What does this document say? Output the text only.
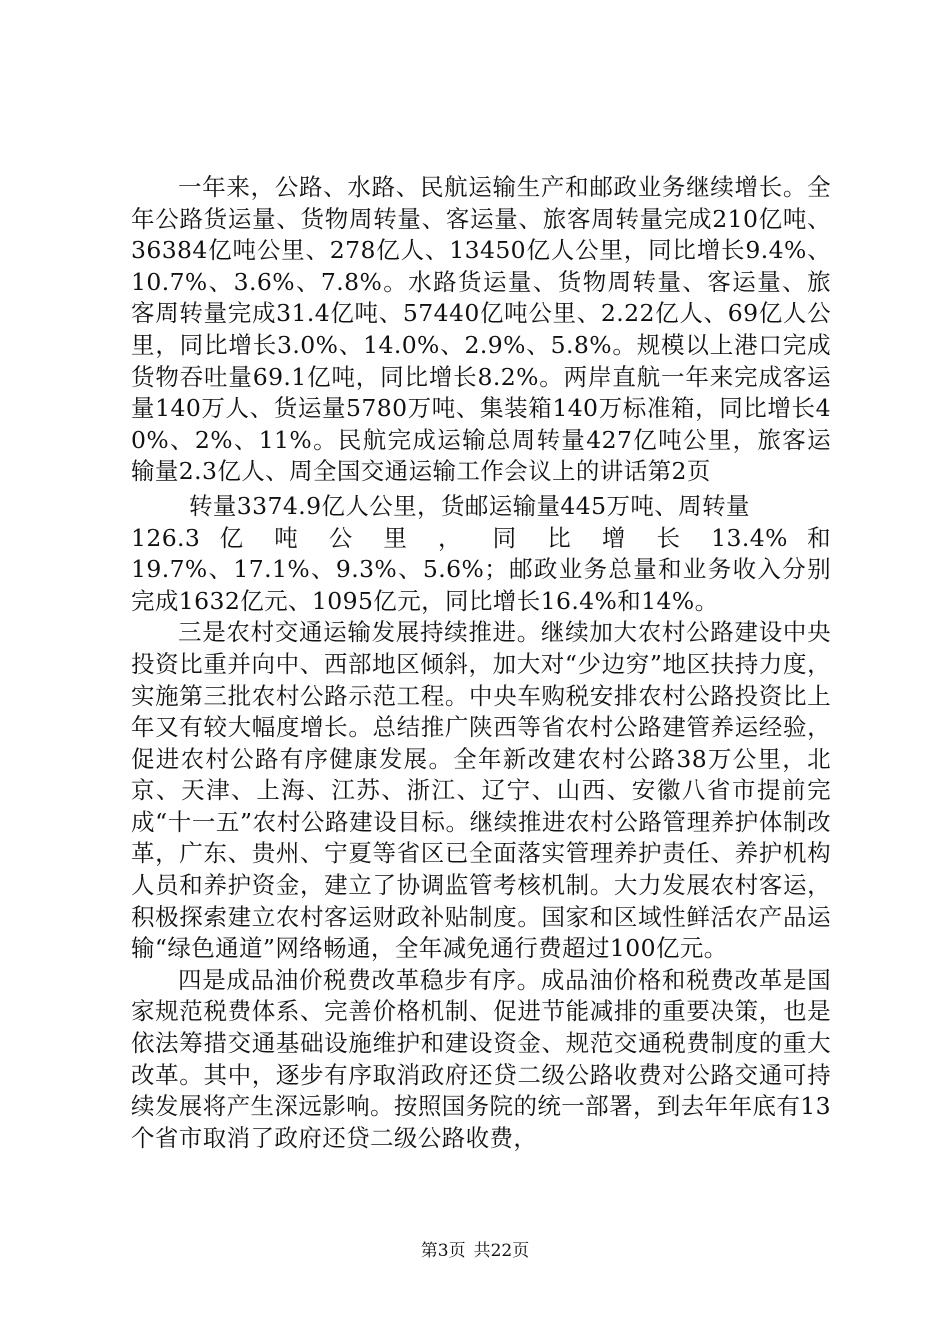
一年来，公路、水路、民航运输生产和邮政业务继续增长。全年公路货运量、货物周转量、客运量、旅客周转量完成210亿吨、36384亿吨公里、278亿人、13450亿人公里，同比增长9.4%、10.7%、3.6%、7.8%。水路货运量、货物周转量、客运量、旅客周转量完成31.4亿吨、57440亿吨公里、2.22亿人、69亿人公里，同比增长3.0%、14.0%、2.9%、5.8%。规模以上港口完成货物吞吐量69.1亿吨，同比增长8.2%。两岸直航一年来完成客运量140万人、货运量5780万吨、集装箱140万标准箱，同比增长40%、2%、11%。民航完成运输总周转量427亿吨公里，旅客运输量2.3亿人、周全国交通运输工作会议上的讲话第2页

转量3374.9亿人公里，货邮运输量445万吨、周转量

126.3 亿 吨 公 里 ， 同 比 增 长 13.4% 和

19.7%、17.1%、9.3%、5.6%；邮政业务总量和业务收入分别完成1632亿元、1095亿元，同比增长16.4%和14%。

三是农村交通运输发展持续推进。继续加大农村公路建设中央投资比重并向中、西部地区倾斜，加大对“少边穷”地区扶持力度，实施第三批农村公路示范工程。中央车购税安排农村公路投资比上年又有较大幅度增长。总结推广陕西等省农村公路建管养运经验，促进农村公路有序健康发展。全年新改建农村公路38万公里，北京、天津、上海、江苏、浙江、辽宁、山西、安徽八省市提前完成“十一五”农村公路建设目标。继续推进农村公路管理养护体制改革，广东、贵州、宁夏等省区已全面落实管理养护责任、养护机构人员和养护资金，建立了协调监管考核机制。大力发展农村客运，积极探索建立农村客运财政补贴制度。国家和区域性鲜活农产品运输“绿色通道”网络畅通，全年减免通行费超过100亿元。

四是成品油价税费改革稳步有序。成品油价格和税费改革是国家规范税费体系、完善价格机制、促进节能减排的重要决策，也是依法筹措交通基础设施维护和建设资金、规范交通税费制度的重大改革。其中，逐步有序取消政府还贷二级公路收费对公路交通可持续发展将产生深远影响。按照国务院的统一部署，到去年年底有13个省市取消了政府还贷二级公路收费，

第3页 共22页
